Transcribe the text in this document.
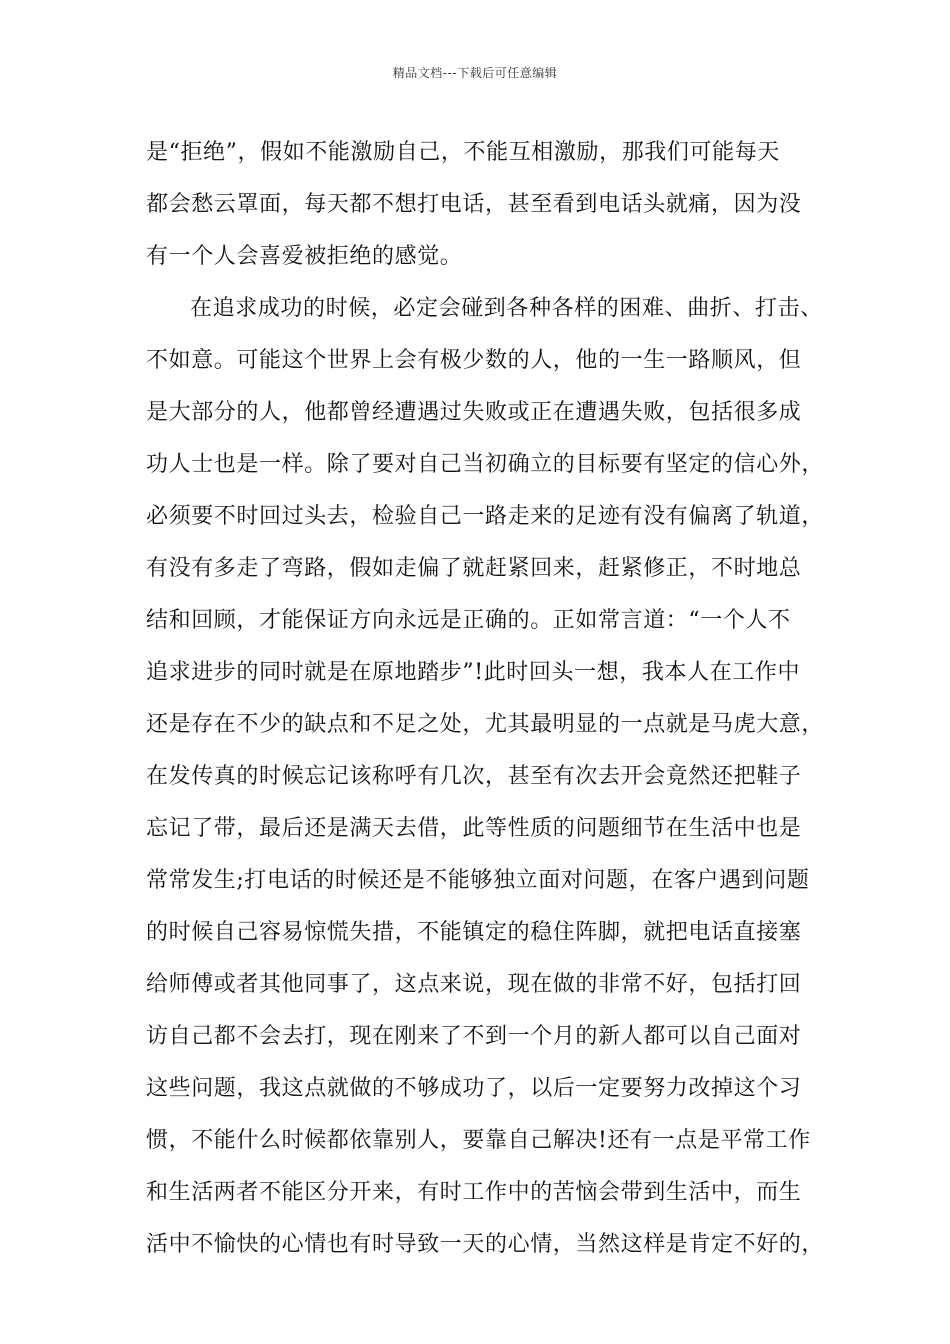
精品文档---下载后可任意编辑
是“拒绝”，假如不能激励自己，不能互相激励，那我们可能每天
都会愁云罩面，每天都不想打电话，甚至看到电话头就痛，因为没
有一个人会喜爱被拒绝的感觉。
在追求成功的时候，必定会碰到各种各样的困难、曲折、打击、
不如意。可能这个世界上会有极少数的人，他的一生一路顺风，但
是大部分的人，他都曾经遭遇过失败或正在遭遇失败，包括很多成
功人士也是一样。除了要对自己当初确立的目标要有坚定的信心外，
必须要不时回过头去，检验自己一路走来的足迹有没有偏离了轨道，
有没有多走了弯路，假如走偏了就赶紧回来，赶紧修正，不时地总
结和回顾，才能保证方向永远是正确的。正如常言道：“一个人不
追求进步的同时就是在原地踏步”!此时回头一想，我本人在工作中
还是存在不少的缺点和不足之处，尤其最明显的一点就是马虎大意，
在发传真的时候忘记该称呼有几次，甚至有次去开会竟然还把鞋子
忘记了带，最后还是满天去借，此等性质的问题细节在生活中也是
常常发生;打电话的时候还是不能够独立面对问题，在客户遇到问题
的时候自己容易惊慌失措，不能镇定的稳住阵脚，就把电话直接塞
给师傅或者其他同事了，这点来说，现在做的非常不好，包括打回
访自己都不会去打，现在刚来了不到一个月的新人都可以自己面对
这些问题，我这点就做的不够成功了，以后一定要努力改掉这个习
惯，不能什么时候都依靠别人，要靠自己解决!还有一点是平常工作
和生活两者不能区分开来，有时工作中的苦恼会带到生活中，而生
活中不愉快的心情也有时导致一天的心情，当然这样是肯定不好的，
